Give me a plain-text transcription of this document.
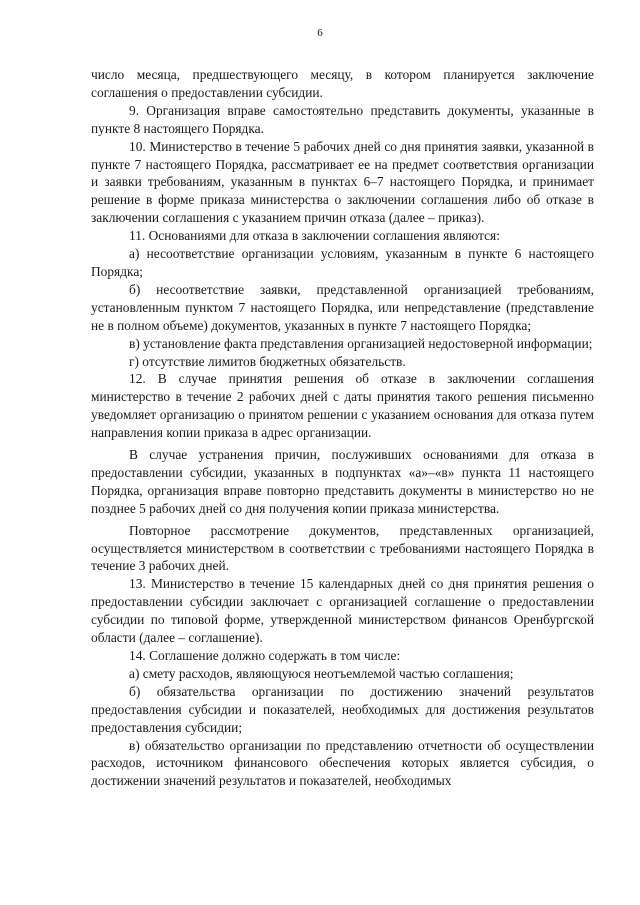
6

число месяца, предшествующего месяцу, в котором планируется заключение соглашения о предоставлении субсидии.

9. Организация вправе самостоятельно представить документы, указанные в пункте 8 настоящего Порядка.

10. Министерство в течение 5 рабочих дней со дня принятия заявки, указанной в пункте 7 настоящего Порядка, рассматривает ее на предмет соответствия организации и заявки требованиям, указанным в пунктах 6–7 настоящего Порядка, и принимает решение в форме приказа министерства о заключении соглашения либо об отказе в заключении соглашения с указанием причин отказа (далее – приказ).

11. Основаниями для отказа в заключении соглашения являются:

а) несоответствие организации условиям, указанным в пункте 6 настоящего Порядка;

б) несоответствие заявки, представленной организацией требованиям, установленным пунктом 7 настоящего Порядка, или непредставление (представление не в полном объеме) документов, указанных в пункте 7 настоящего Порядка;

в) установление факта представления организацией недостоверной информации;

г) отсутствие лимитов бюджетных обязательств.

12. В случае принятия решения об отказе в заключении соглашения министерство в течение 2 рабочих дней с даты принятия такого решения письменно уведомляет организацию о принятом решении с указанием основания для отказа путем направления копии приказа в адрес организации.

В случае устранения причин, послуживших основаниями для отказа в предоставлении субсидии, указанных в подпунктах «а»–«в» пункта 11 настоящего Порядка, организация вправе повторно представить документы в министерство но не позднее 5 рабочих дней со дня получения копии приказа министерства.

Повторное рассмотрение документов, представленных организацией, осуществляется министерством в соответствии с требованиями настоящего Порядка в течение 3 рабочих дней.

13. Министерство в течение 15 календарных дней со дня принятия решения о предоставлении субсидии заключает с организацией соглашение о предоставлении субсидии по типовой форме, утвержденной министерством финансов Оренбургской области (далее – соглашение).

14. Соглашение должно содержать в том числе:

а) смету расходов, являющуюся неотъемлемой частью соглашения;

б) обязательства организации по достижению значений результатов предоставления субсидии и показателей, необходимых для достижения результатов предоставления субсидии;

в) обязательство организации по представлению отчетности об осуществлении расходов, источником финансового обеспечения которых является субсидия, о достижении значений результатов и показателей, необходимых
